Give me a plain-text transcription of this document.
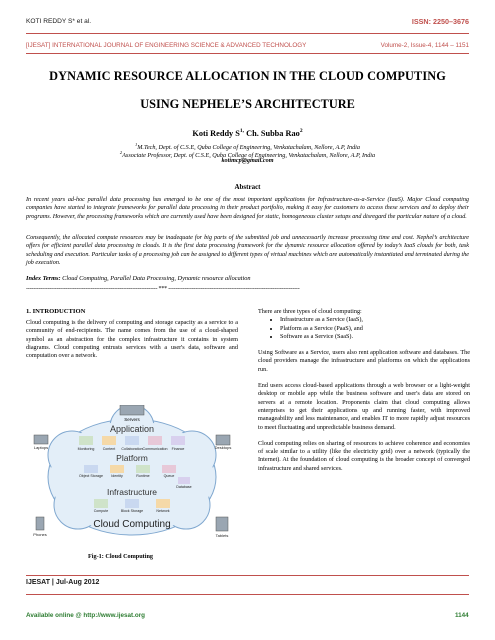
KOTI REDDY S* et al.	ISSN: 2250–3676
[IJESAT] INTERNATIONAL JOURNAL OF ENGINEERING SCIENCE & ADVANCED TECHNOLOGY	Volume-2, Issue-4, 1144 – 1151
DYNAMIC RESOURCE ALLOCATION IN THE CLOUD COMPUTING
USING NEPHELE’S ARCHITECTURE
Koti Reddy $S^{1,}$ Ch. Subba Rao$^2$
$^1$M.Tech, Dept. of C.S.E, Quba College of Engineering, Venkatachalam, Nellore, A.P, India
$^2$Associate Professor, Dept. of C.S.E, Quba College of Engineering, Venkatachalam, Nellore, A.P, India
kotimcp@gmail.com
Abstract

In recent years ad-hoc parallel data processing has emerged to be one of the most important applications for Infrastructure-as-a-Service (IaaS). Major Cloud computing companies have started to integrate frameworks for parallel data processing in their product portfolio, making it easy for customers to access these services and to deploy their programs. However, the processing frameworks which are currently used have been designed for static, homogeneous cluster setups and disregard the particular nature of a cloud.

Consequently, the allocated compute resources may be inadequate for big parts of the submitted job and unnecessarily increase processing time and cost. Nephel’s architecture offers for efficient parallel data processing in clouds. It is the first data processing framework for the dynamic resource allocation offered by today’s IaaS clouds for both, task scheduling and execution. Particular tasks of a processing job can be assigned to different types of virtual machines which are automatically instantiated and terminated during the job execution.

Index Terms: Cloud Computing, Parallel Data Processing, Dynamic resource allocation
------------------------------------------------------------------------- *** -------------------------------------------------------------------------
1. INTRODUCTION

Cloud computing is the delivery of computing and storage capacity as a service to a community of end-recipients. The name comes from the use of a cloud-shaped symbol as an abstraction for the complex infrastructure it contains in system diagrams. Cloud computing entrusts services with a user's data, software and computation over a network.

Servers
Application
Monitoring Content Collaboration Communication Finance
Platform
Object Storage Identity	Runtime	Queue
Database
Infrastructure
Compute	Block Storage	Network
Cloud Computing
Laptops	Desktops
Phones	Tablets
Fig-1: Cloud Computing

There are three types of cloud computing:

• Infrastructure as a Service (IaaS),
• Platform as a Service (PaaS), and
• Software as a Service (SaaS).

Using Software as a Service, users also rent application software and databases. The cloud providers manage the infrastructure and platforms on which the applications run.

End users access cloud-based applications through a web browser or a light-weight desktop or mobile app while the business software and user's data are stored on servers at a remote location. Proponents claim that cloud computing allows enterprises to get their applications up and running faster, with improved manageability and less maintenance, and enables IT to more rapidly adjust resources to meet fluctuating and unpredictable business demand.

Cloud computing relies on sharing of resources to achieve coherence and economies of scale similar to a utility (like the electricity grid) over a network (typically the Internet). At the foundation of cloud computing is the broader concept of converged infrastructure and shared services.

IJESAT | Jul-Aug 2012
Available online @ http://www.ijesat.org	1144
